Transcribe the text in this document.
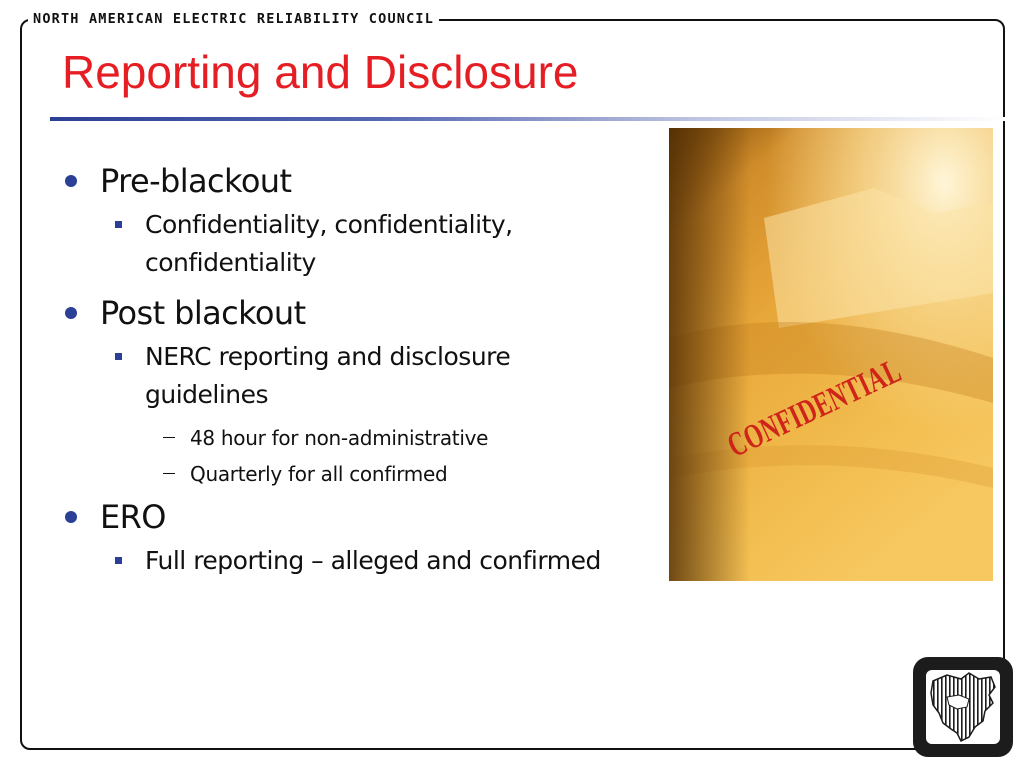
NORTH AMERICAN ELECTRIC RELIABILITY COUNCIL
Reporting and Disclosure
Pre-blackout
Confidentiality, confidentiality, confidentiality
Post blackout
NERC reporting and disclosure guidelines
48 hour for non-administrative
Quarterly for all confirmed
ERO
Full reporting – alleged and confirmed
CONFIDENTIAL
